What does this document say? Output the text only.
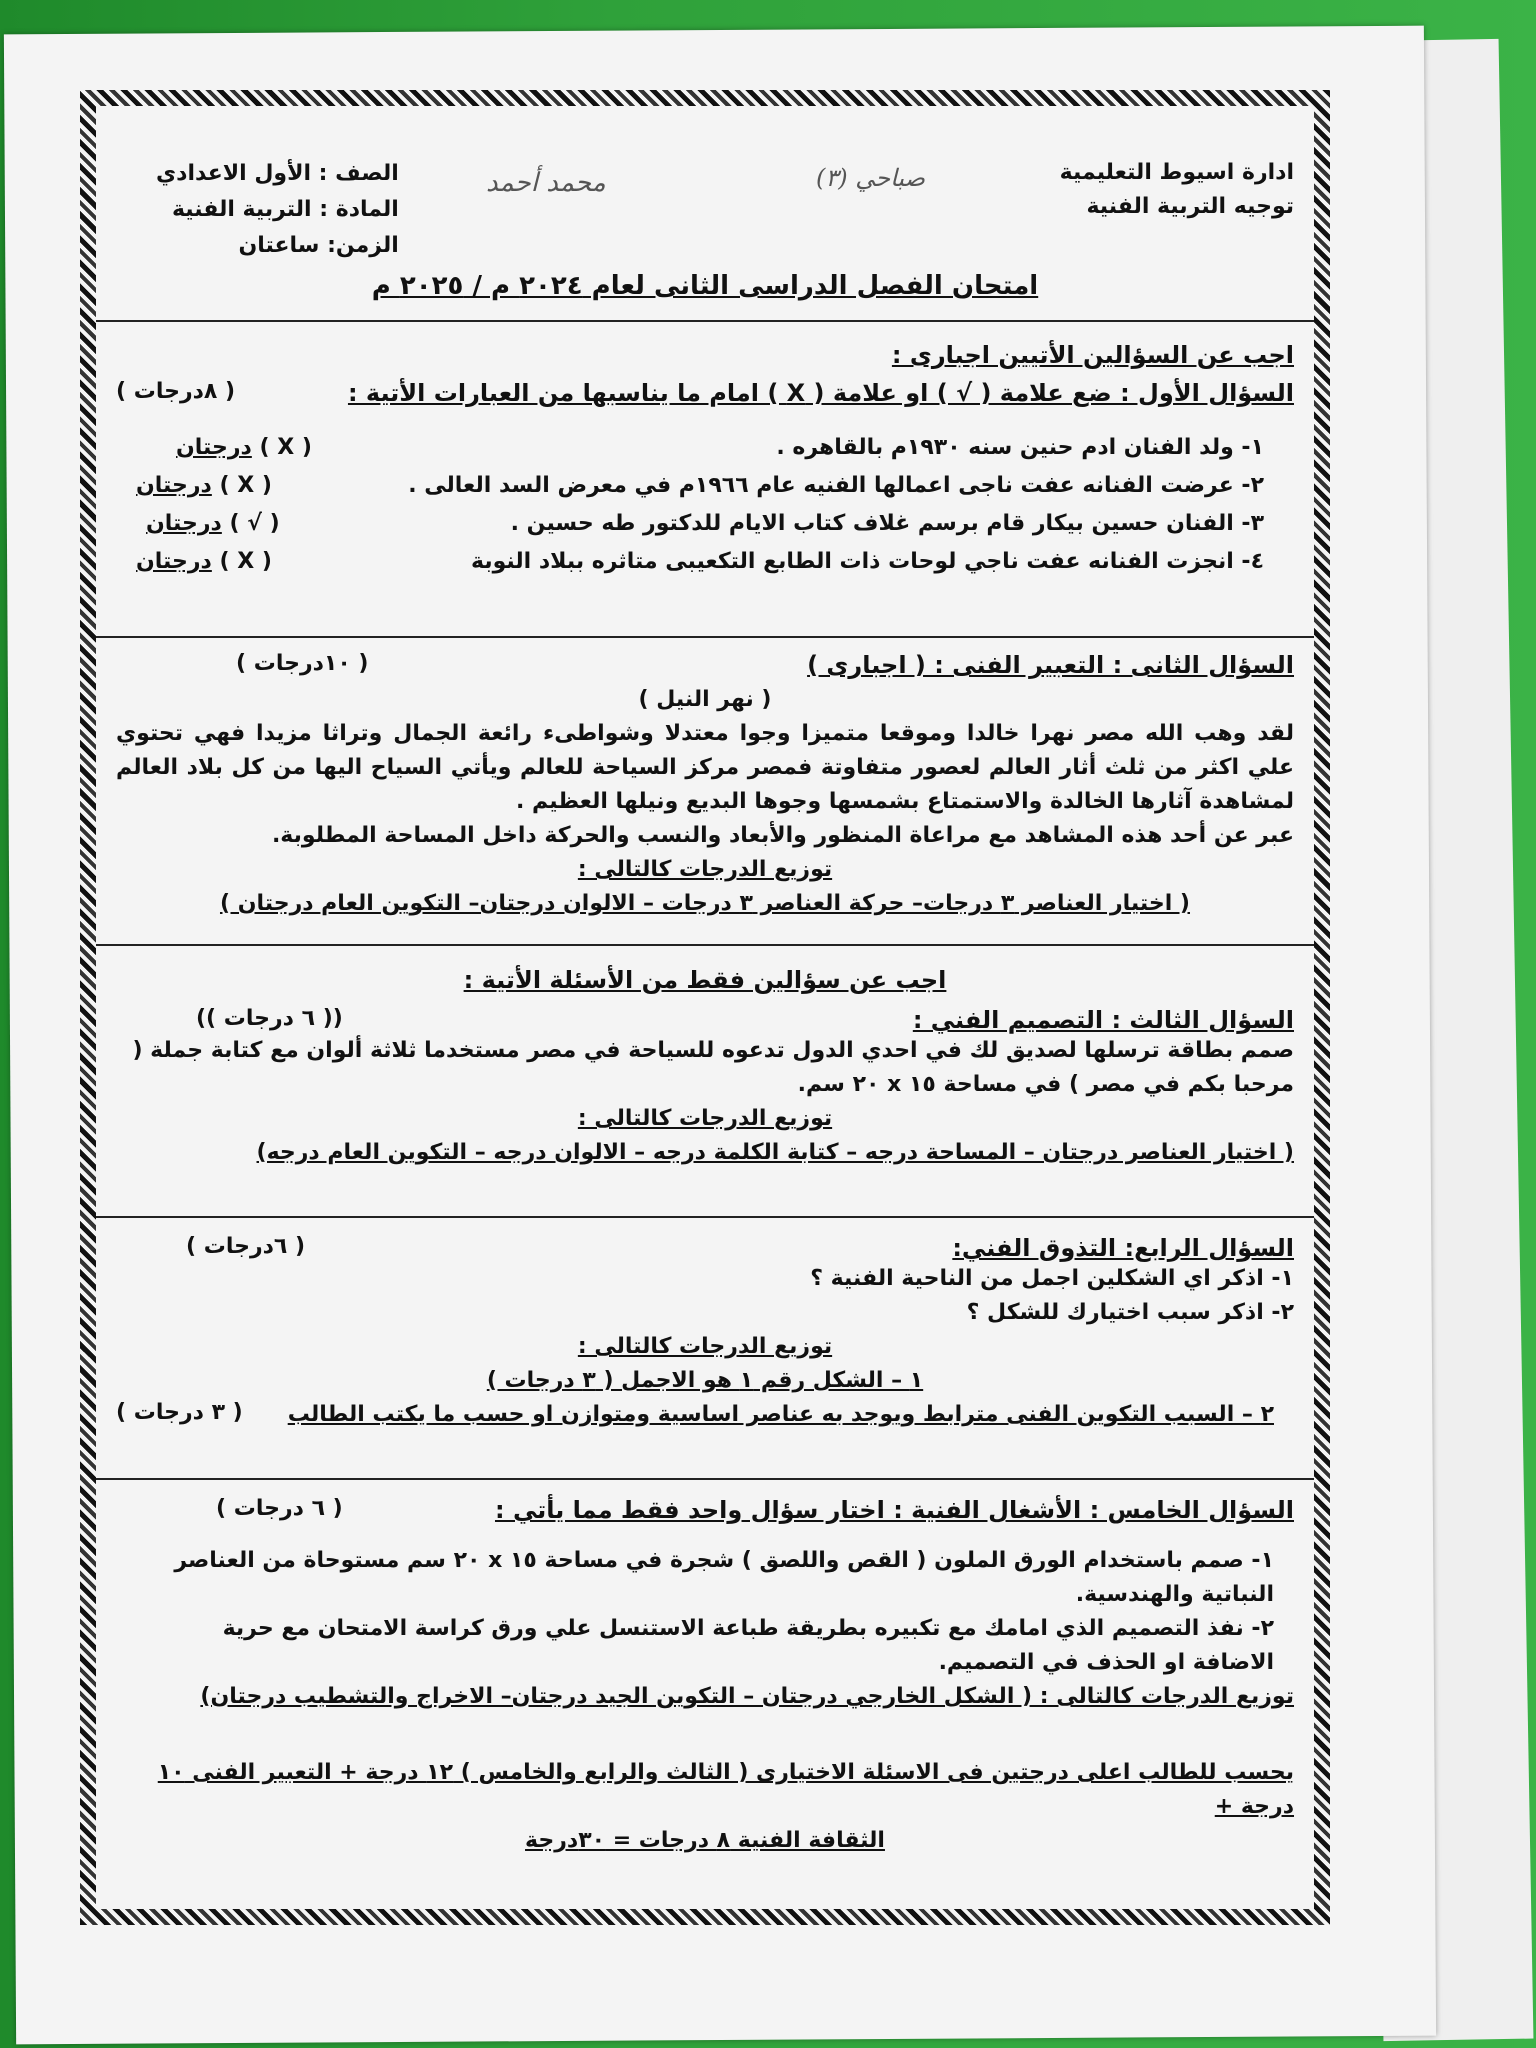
ادارة اسيوط التعليمية
توجيه التربية الفنية
صباحي (٣)
محمد أحمد
الصف : الأول الاعدادي
المادة : التربية الفنية
الزمن: ساعتان
امتحان الفصل الدراسى الثانى لعام ٢٠٢٤ م / ٢٠٢٥ م
اجب عن السؤالين الأتيين اجبارى :
السؤال الأول : ضع علامة ( √ ) او علامة ( X ) امام ما يناسبها من العبارات الأتية :
( ٨درجات )
١- ولد الفنان ادم حنين سنه ١٩٣٠م بالقاهره .
( X ) درجتان
٢- عرضت الفنانه عفت ناجى اعمالها الفنيه عام ١٩٦٦م في معرض السد العالى .
( X ) درجتان
٣- الفنان حسين بيكار قام برسم غلاف كتاب الايام للدكتور طه حسين .
( √ ) درجتان
٤- انجزت الفنانه عفت ناجي لوحات ذات الطابع التكعيبى متاثره ببلاد النوبة
( X ) درجتان
السؤال الثانى : التعبير الفنى : ( اجبارى )
( ١٠درجات )
( نهر النيل )
لقد وهب الله مصر نهرا خالدا وموقعا متميزا وجوا معتدلا وشواطىء رائعة الجمال وتراثا مزيدا فهي تحتوي علي اكثر من ثلث أثار العالم لعصور متفاوتة فمصر مركز السياحة للعالم ويأتي السياح اليها من كل بلاد العالم لمشاهدة آثارها الخالدة والاستمتاع بشمسها وجوها البديع ونيلها العظيم .
عبر عن أحد هذه المشاهد مع مراعاة المنظور والأبعاد والنسب والحركة داخل المساحة المطلوبة.
توزيع الدرجات كالتالى :
( اختيار العناصر ٣ درجات– حركة العناصر ٣ درجات – الالوان درجتان– التكوين العام درجتان )
اجب عن سؤالين فقط من الأسئلة الأتية :
السؤال الثالث : التصميم الفني :
(( ٦ درجات ))
صمم بطاقة ترسلها لصديق لك في احدي الدول تدعوه للسياحة في مصر مستخدما ثلاثة ألوان مع كتابة جملة ( مرحبا بكم في مصر ) في مساحة ١٥ x ٢٠ سم.
توزيع الدرجات كالتالى :
( اختيار العناصر درجتان – المساحة درجه – كتابة الكلمة درجه – الالوان درجه – التكوين العام درجه)
السؤال الرابع: التذوق الفني:
( ٦درجات )
١- اذكر اي الشكلين اجمل من الناحية الفنية ؟
٢- اذكر سبب اختيارك للشكل ؟
توزيع الدرجات كالتالى :
١ – الشكل رقم ١ هو الاجمل ( ٣ درجات )
٢ – السبب التكوين الفنى مترابط ويوجد به عناصر اساسية ومتوازن او حسب ما يكتب الطالب
( ٣ درجات )
السؤال الخامس : الأشغال الفنية : اختار سؤال واحد فقط مما يأتي :
( ٦ درجات )
١- صمم باستخدام الورق الملون ( القص واللصق ) شجرة في مساحة ١٥ x ٢٠ سم مستوحاة من العناصر النباتية والهندسية.
٢- نفذ التصميم الذي امامك مع تكبيره بطريقة طباعة الاستنسل علي ورق كراسة الامتحان مع حرية الاضافة او الحذف في التصميم.
توزيع الدرجات كالتالى : ( الشكل الخارجي درجتان – التكوين الجيد درجتان– الاخراج والتشطيب درجتان)
يحسب للطالب اعلى درجتين فى الاسئلة الاختيارى ( الثالث والرابع والخامس ) ١٢ درجة + التعبير الفنى ١٠ درجة +
الثقافة الفنية ٨ درجات = ٣٠درجة
